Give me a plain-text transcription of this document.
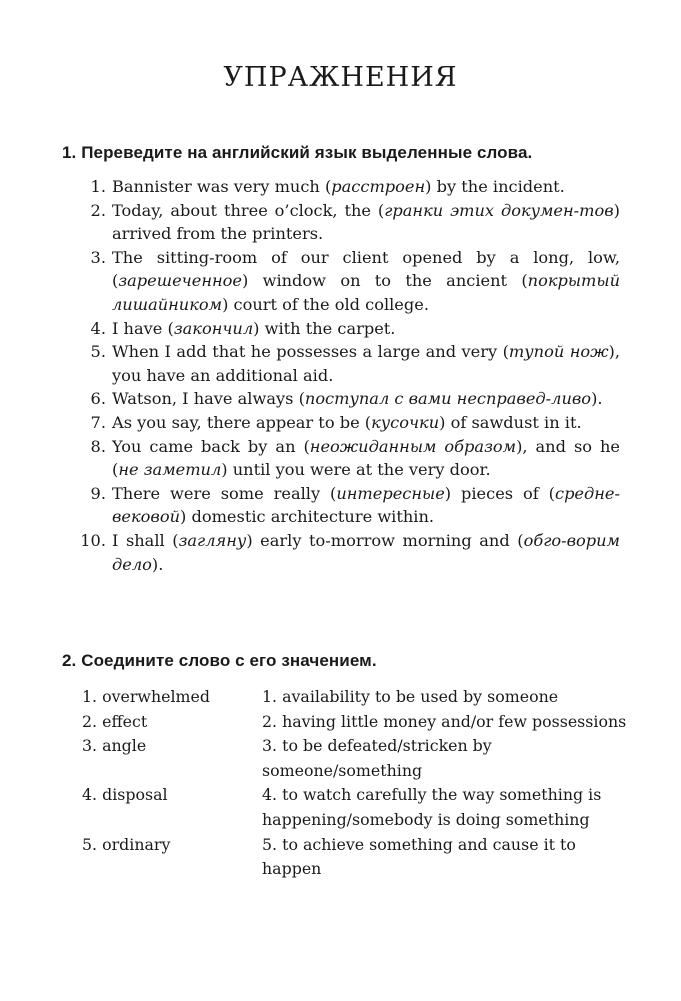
УПРАЖНЕНИЯ

1. Переведите на английский язык выделенные слова.

1. Bannister was very much (расстроен) by the incident.
2. Today, about three o’clock, the (гранки этих докумен-тов) arrived from the printers.
3. The sitting-room of our client opened by a long, low, (зарешеченное) window on to the ancient (покрытый лишайником) court of the old college.
4. I have (закончил) with the carpet.
5. When I add that he possesses a large and very (тупой нож), you have an additional aid.
6. Watson, I have always (поступал с вами несправед-ливо).
7. As you say, there appear to be (кусочки) of sawdust in it.
8. You came back by an (неожиданным образом), and so he (не заметил) until you were at the very door.
9. There were some really (интересные) pieces of (средне-вековой) domestic architecture within.
10. I shall (загляну) early to-morrow morning and (обго-ворим дело).

2. Соедините слово с его значением.

1. overwhelmed	1. availability to be used by someone
2. effect	2. having little money and/or few possessions
3. angle	3. to be defeated/stricken by someone/something
4. disposal	4. to watch carefully the way something is happening/somebody is doing something
5. ordinary	5. to achieve something and cause it to happen
